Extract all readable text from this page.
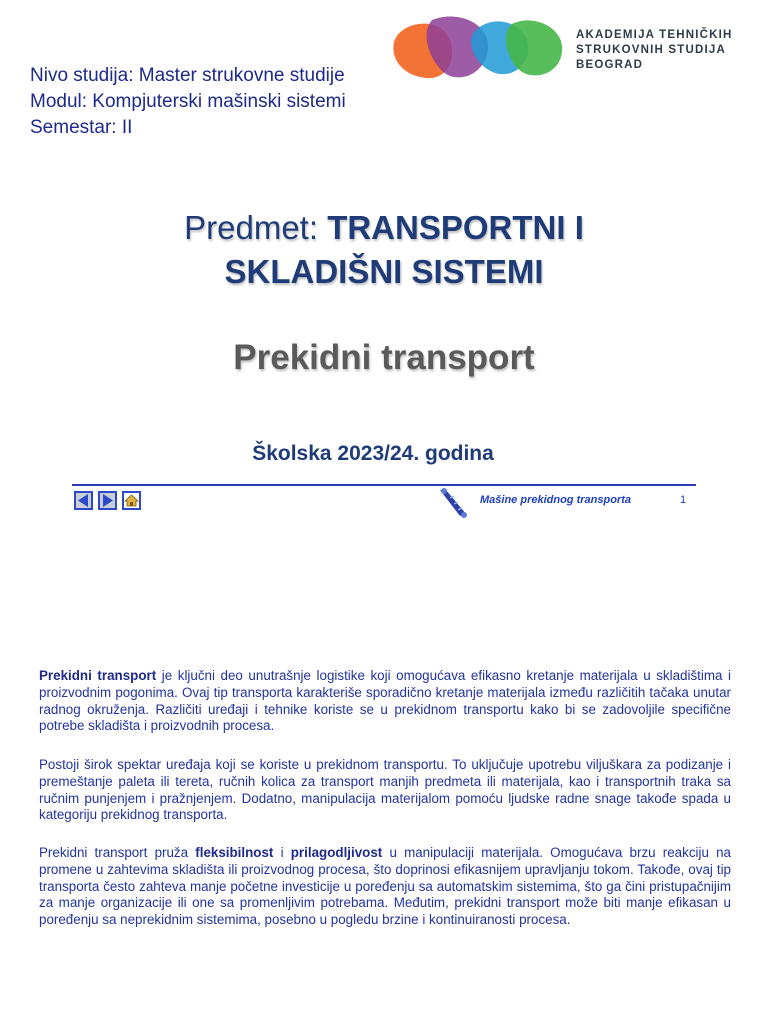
Nivo studija: Master strukovne studije
Modul: Kompjuterski mašinski sistemi
Semestar: II
AKADEMIJA TEHNIČKIH
STRUKOVNIH STUDIJA
BEOGRAD
Predmet: TRANSPORTNI I
SKLADIŠNI SISTEMI
Prekidni transport
Školska 2023/24. godina
Mašine prekidnog transporta	1
Prekidni transport je ključni deo unutrašnje logistike koji omogućava efikasno kretanje materijala u skladištima i proizvodnim pogonima. Ovaj tip transporta karakteriše sporadično kretanje materijala između različitih tačaka unutar radnog okruženja. Različiti uređaji i tehnike koriste se u prekidnom transportu kako bi se zadovoljile specifične potrebe skladišta i proizvodnih procesa.
Postoji širok spektar uređaja koji se koriste u prekidnom transportu. To uključuje upotrebu viljuškara za podizanje i premeštanje paleta ili tereta, ručnih kolica za transport manjih predmeta ili materijala, kao i transportnih traka sa ručnim punjenjem i pražnjenjem. Dodatno, manipulacija materijalom pomoću ljudske radne snage takođe spada u kategoriju prekidnog transporta.
Prekidni transport pruža fleksibilnost i prilagodljivost u manipulaciji materijala. Omogućava brzu reakciju na promene u zahtevima skladišta ili proizvodnog procesa, što doprinosi efikasnijem upravljanju tokom. Takođe, ovaj tip transporta često zahteva manje početne investicije u poređenju sa automatskim sistemima, što ga čini pristupačnijim za manje organizacije ili one sa promenljivim potrebama. Međutim, prekidni transport može biti manje efikasan u poređenju sa neprekidnim sistemima, posebno u pogledu brzine i kontinuiranosti procesa.
